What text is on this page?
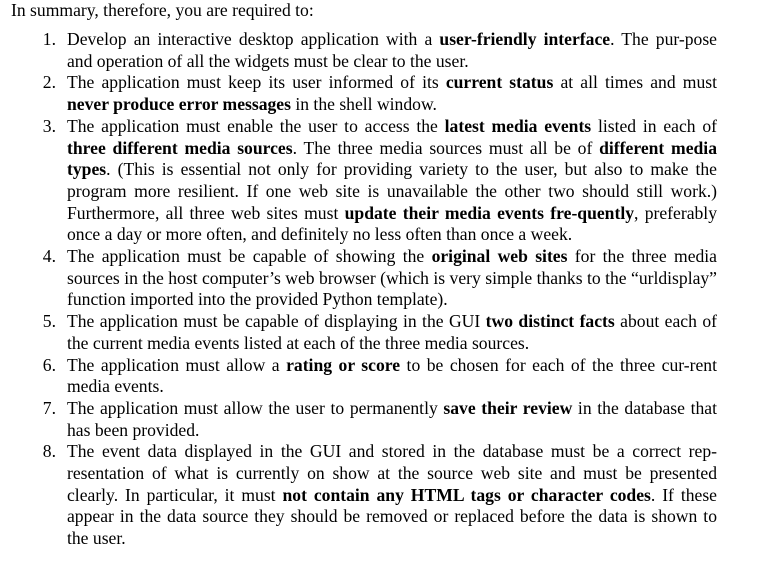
In summary, therefore, you are required to:

1. Develop an interactive desktop application with a user-friendly interface. The pur-pose and operation of all the widgets must be clear to the user.
2. The application must keep its user informed of its current status at all times and must never produce error messages in the shell window.
3. The application must enable the user to access the latest media events listed in each of three different media sources. The three media sources must all be of different media types. (This is essential not only for providing variety to the user, but also to make the program more resilient. If one web site is unavailable the other two should still work.) Furthermore, all three web sites must update their media events fre-quently, preferably once a day or more often, and definitely no less often than once a week.
4. The application must be capable of showing the original web sites for the three media sources in the host computer’s web browser (which is very simple thanks to the “urldisplay” function imported into the provided Python template).
5. The application must be capable of displaying in the GUI two distinct facts about each of the current media events listed at each of the three media sources.
6. The application must allow a rating or score to be chosen for each of the three cur-rent media events.
7. The application must allow the user to permanently save their review in the database that has been provided.
8. The event data displayed in the GUI and stored in the database must be a correct rep-resentation of what is currently on show at the source web site and must be presented clearly. In particular, it must not contain any HTML tags or character codes. If these appear in the data source they should be removed or replaced before the data is shown to the user.
